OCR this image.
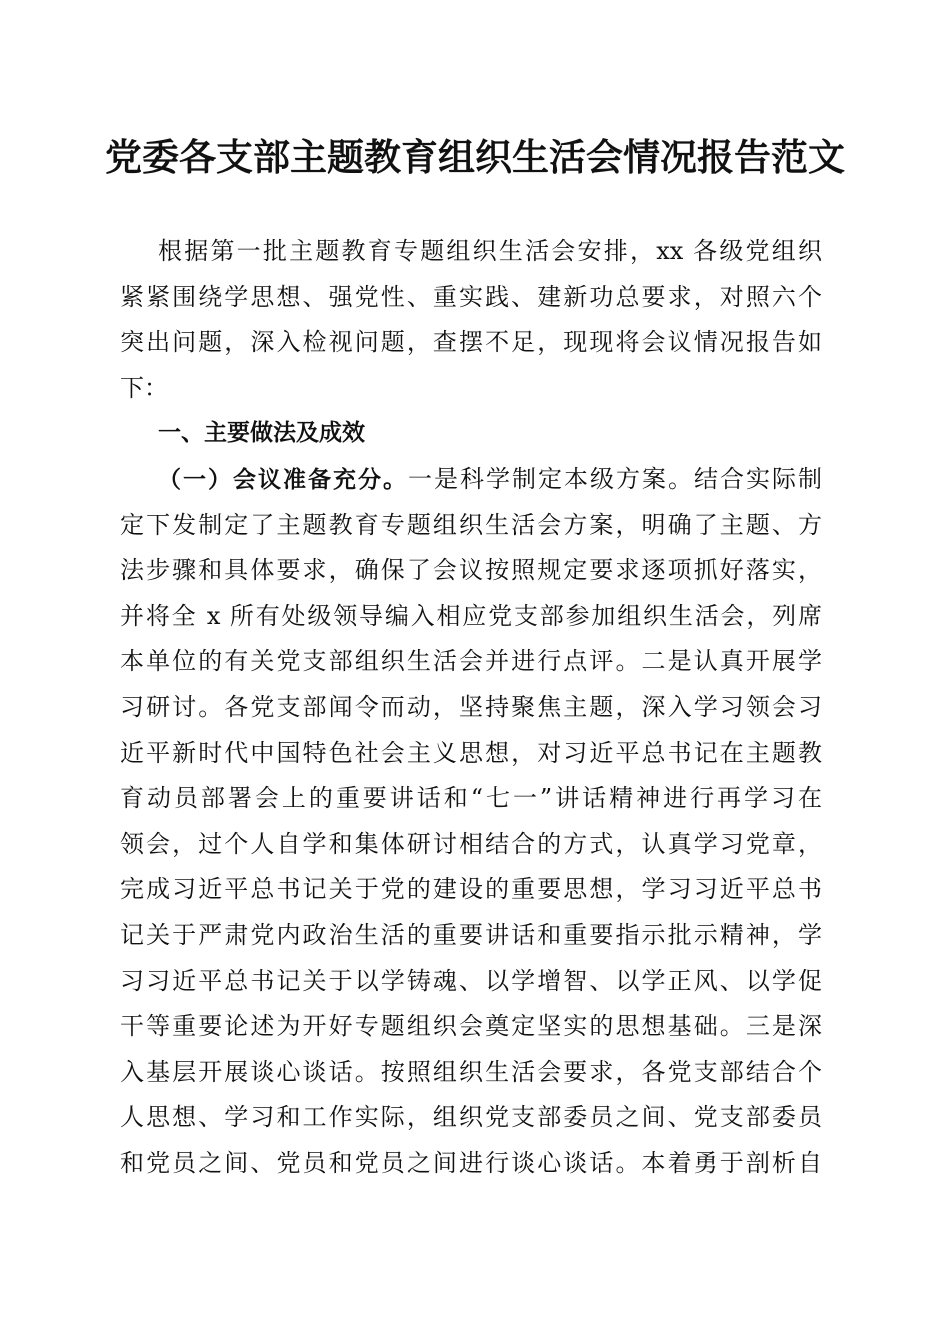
党委各支部主题教育组织生活会情况报告范文
根据第一批主题教育专题组织生活会安排，xx 各级党组织
紧紧围绕学思想、强党性、重实践、建新功总要求，对照六个
突出问题，深入检视问题，查摆不足，现现将会议情况报告如
下：
一、主要做法及成效
（一）会议准备充分。一是科学制定本级方案。结合实际制
定下发制定了主题教育专题组织生活会方案，明确了主题、方
法步骤和具体要求，确保了会议按照规定要求逐项抓好落实，
并将全 x 所有处级领导编入相应党支部参加组织生活会，列席
本单位的有关党支部组织生活会并进行点评。二是认真开展学
习研讨。各党支部闻令而动，坚持聚焦主题，深入学习领会习
近平新时代中国特色社会主义思想，对习近平总书记在主题教
育动员部署会上的重要讲话和“七一”讲话精神进行再学习在
领会，过个人自学和集体研讨相结合的方式，认真学习党章，
完成习近平总书记关于党的建设的重要思想，学习习近平总书
记关于严肃党内政治生活的重要讲话和重要指示批示精神，学
习习近平总书记关于以学铸魂、以学增智、以学正风、以学促
干等重要论述为开好专题组织会奠定坚实的思想基础。三是深
入基层开展谈心谈话。按照组织生活会要求，各党支部结合个
人思想、学习和工作实际，组织党支部委员之间、党支部委员
和党员之间、党员和党员之间进行谈心谈话。本着勇于剖析自
